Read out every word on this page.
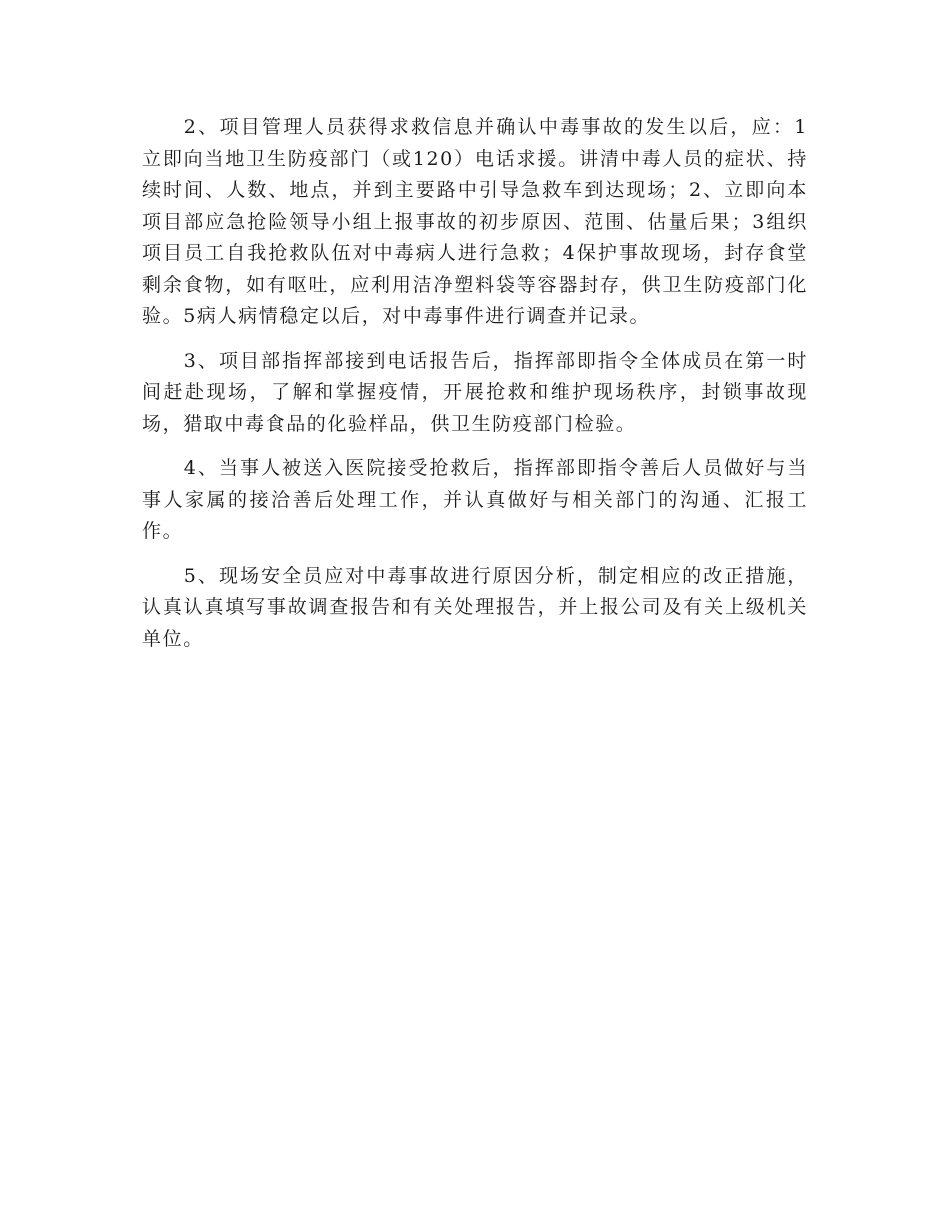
2、项目管理人员获得求救信息并确认中毒事故的发生以后，应：1立即向当地卫生防疫部门（或120）电话求援。讲清中毒人员的症状、持续时间、人数、地点，并到主要路中引导急救车到达现场；2、立即向本项目部应急抢险领导小组上报事故的初步原因、范围、估量后果；3组织项目员工自我抢救队伍对中毒病人进行急救；4保护事故现场，封存食堂剩余食物，如有呕吐，应利用洁净塑料袋等容器封存，供卫生防疫部门化验。5病人病情稳定以后，对中毒事件进行调查并记录。

3、项目部指挥部接到电话报告后，指挥部即指令全体成员在第一时间赶赴现场，了解和掌握疫情，开展抢救和维护现场秩序，封锁事故现场，猎取中毒食品的化验样品，供卫生防疫部门检验。

4、当事人被送入医院接受抢救后，指挥部即指令善后人员做好与当事人家属的接洽善后处理工作，并认真做好与相关部门的沟通、汇报工作。

5、现场安全员应对中毒事故进行原因分析，制定相应的改正措施，认真认真填写事故调查报告和有关处理报告，并上报公司及有关上级机关单位。
